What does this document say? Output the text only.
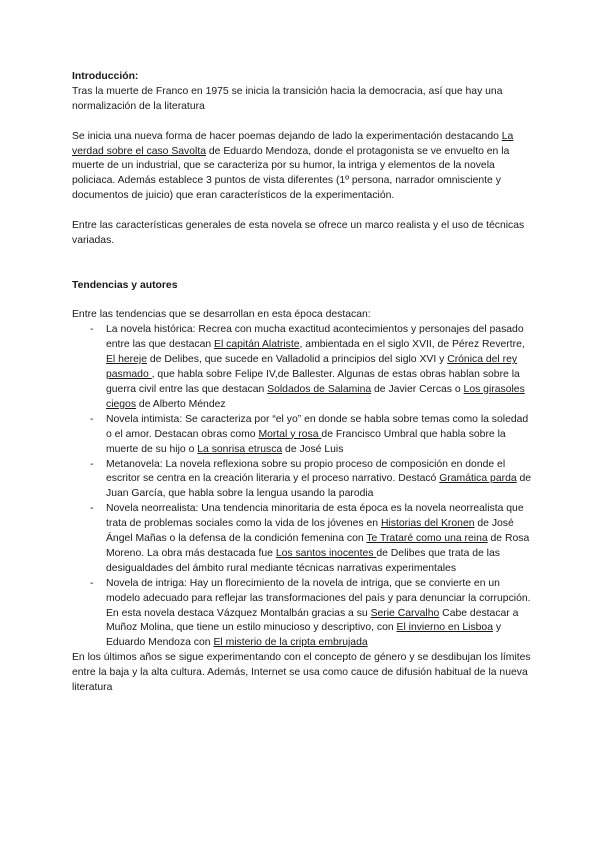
Introducción:

Tras la muerte de Franco en 1975 se inicia la transición hacia la democracia, así que hay una normalización de la literatura

Se inicia una nueva forma de hacer poemas dejando de lado la experimentación destacando La verdad sobre el caso Savolta de Eduardo Mendoza, donde el protagonista se ve envuelto en la muerte de un industrial, que se caracteriza por su humor, la intriga y elementos de la novela policiaca. Además establece 3 puntos de vista diferentes (1º persona, narrador omnisciente y documentos de juicio) que eran característicos de la experimentación.

Entre las características generales de esta novela se ofrece un marco realista y el uso de técnicas variadas.

Tendencias y autores

Entre las tendencias que se desarrollan en esta época destacan:

- La novela histórica: Recrea con mucha exactitud acontecimientos y personajes del pasado entre las que destacan El capitán Alatriste, ambientada en el siglo XVII, de Pérez Revertre, El hereje de Delibes, que sucede en Valladolid a principios del siglo XVI y Crónica del rey pasmado , que habla sobre Felipe IV,de Ballester. Algunas de estas obras hablan sobre la guerra civil entre las que destacan Soldados de Salamina de Javier Cercas o Los girasoles ciegos de Alberto Méndez
- Novela intimista: Se caracteriza por “el yo” en donde se habla sobre temas como la soledad o el amor. Destacan obras como Mortal y rosa de Francisco Umbral que habla sobre la muerte de su hijo o La sonrisa etrusca de José Luis
- Metanovela: La novela reflexiona sobre su propio proceso de composición en donde el escritor se centra en la creación literaria y el proceso narrativo. Destacó Gramática parda de Juan García, que habla sobre la lengua usando la parodia
- Novela neorrealista: Una tendencia minoritaria de esta época es la novela neorrealista que trata de problemas sociales como la vida de los jóvenes en Historias del Kronen de José Ángel Mañas o la defensa de la condición femenina con Te Trataré como una reina de Rosa Moreno. La obra más destacada fue Los santos inocentes de Delibes que trata de las desigualdades del ámbito rural mediante técnicas narrativas experimentales
- Novela de intriga: Hay un florecimiento de la novela de intriga, que se convierte en un modelo adecuado para reflejar las transformaciones del país y para denunciar la corrupción. En esta novela destaca Vázquez Montalbán gracias a su Serie Carvalho Cabe destacar a Muñoz Molina, que tiene un estilo minucioso y descriptivo, con El invierno en Lisboa y Eduardo Mendoza con El misterio de la cripta embrujada

En los últimos años se sigue experimentando con el concepto de género y se desdibujan los límites entre la baja y la alta cultura. Además, Internet se usa como cauce de difusión habitual de la nueva literatura
